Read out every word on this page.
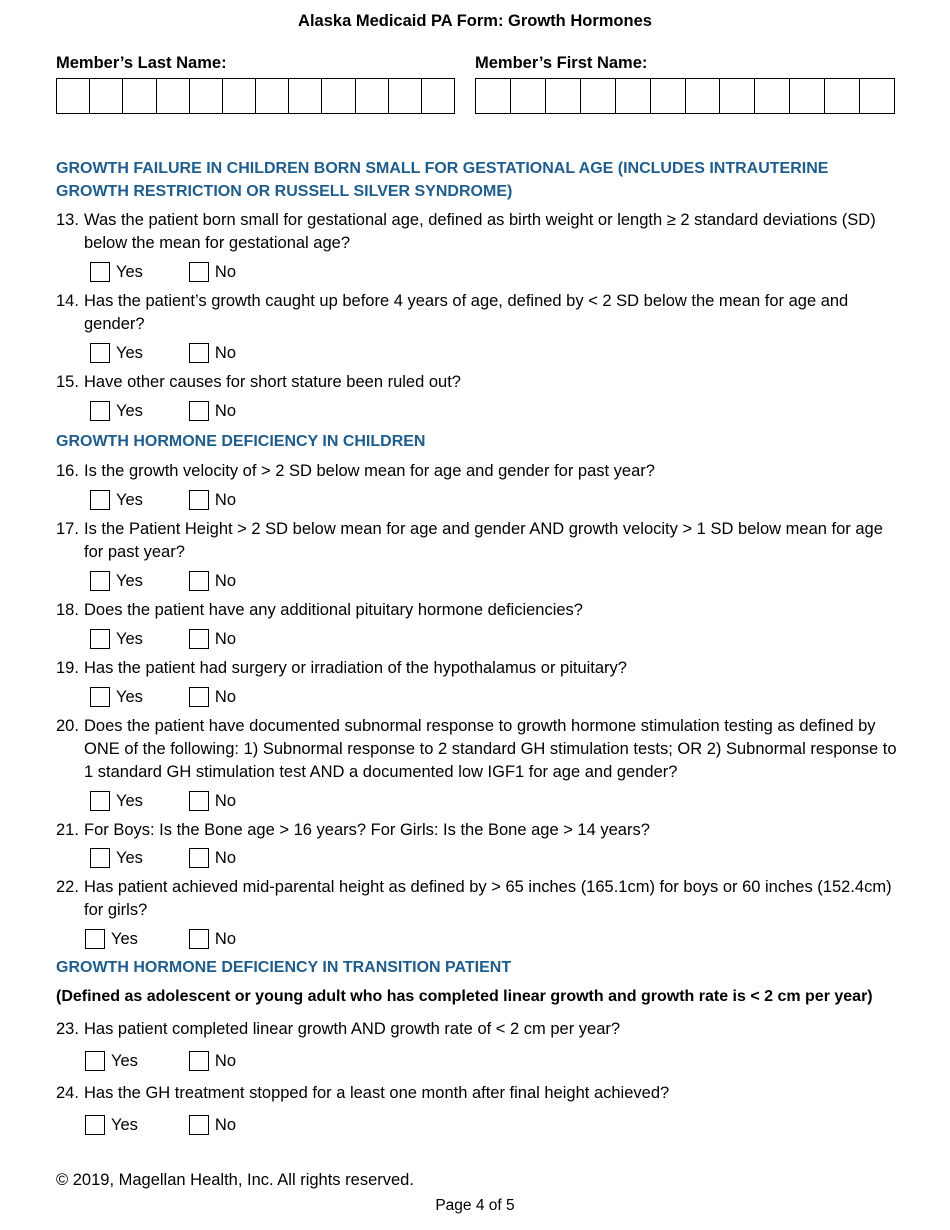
Alaska Medicaid PA Form: Growth Hormones
Member’s Last Name:	Member’s First Name:
GROWTH FAILURE IN CHILDREN BORN SMALL FOR GESTATIONAL AGE (INCLUDES INTRAUTERINE GROWTH RESTRICTION OR RUSSELL SILVER SYNDROME)
13. Was the patient born small for gestational age, defined as birth weight or length ≥ 2 standard deviations (SD) below the mean for gestational age?
Yes	No
14. Has the patient’s growth caught up before 4 years of age, defined by < 2 SD below the mean for age and gender?
Yes	No
15. Have other causes for short stature been ruled out?
Yes	No
GROWTH HORMONE DEFICIENCY IN CHILDREN
16. Is the growth velocity of > 2 SD below mean for age and gender for past year?
Yes	No
17. Is the Patient Height > 2 SD below mean for age and gender AND growth velocity > 1 SD below mean for age for past year?
Yes	No
18. Does the patient have any additional pituitary hormone deficiencies?
Yes	No
19. Has the patient had surgery or irradiation of the hypothalamus or pituitary?
Yes	No
20. Does the patient have documented subnormal response to growth hormone stimulation testing as defined by ONE of the following: 1) Subnormal response to 2 standard GH stimulation tests; OR 2) Subnormal response to 1 standard GH stimulation test AND a documented low IGF1 for age and gender?
Yes	No
21. For Boys: Is the Bone age > 16 years? For Girls: Is the Bone age > 14 years?
Yes	No
22. Has patient achieved mid-parental height as defined by > 65 inches (165.1cm) for boys or 60 inches (152.4cm) for girls?
Yes	No
GROWTH HORMONE DEFICIENCY IN TRANSITION PATIENT
(Defined as adolescent or young adult who has completed linear growth and growth rate is < 2 cm per year)
23. Has patient completed linear growth AND growth rate of < 2 cm per year?
Yes	No
24. Has the GH treatment stopped for a least one month after final height achieved?
Yes	No
© 2019, Magellan Health, Inc. All rights reserved.
Page 4 of 5
